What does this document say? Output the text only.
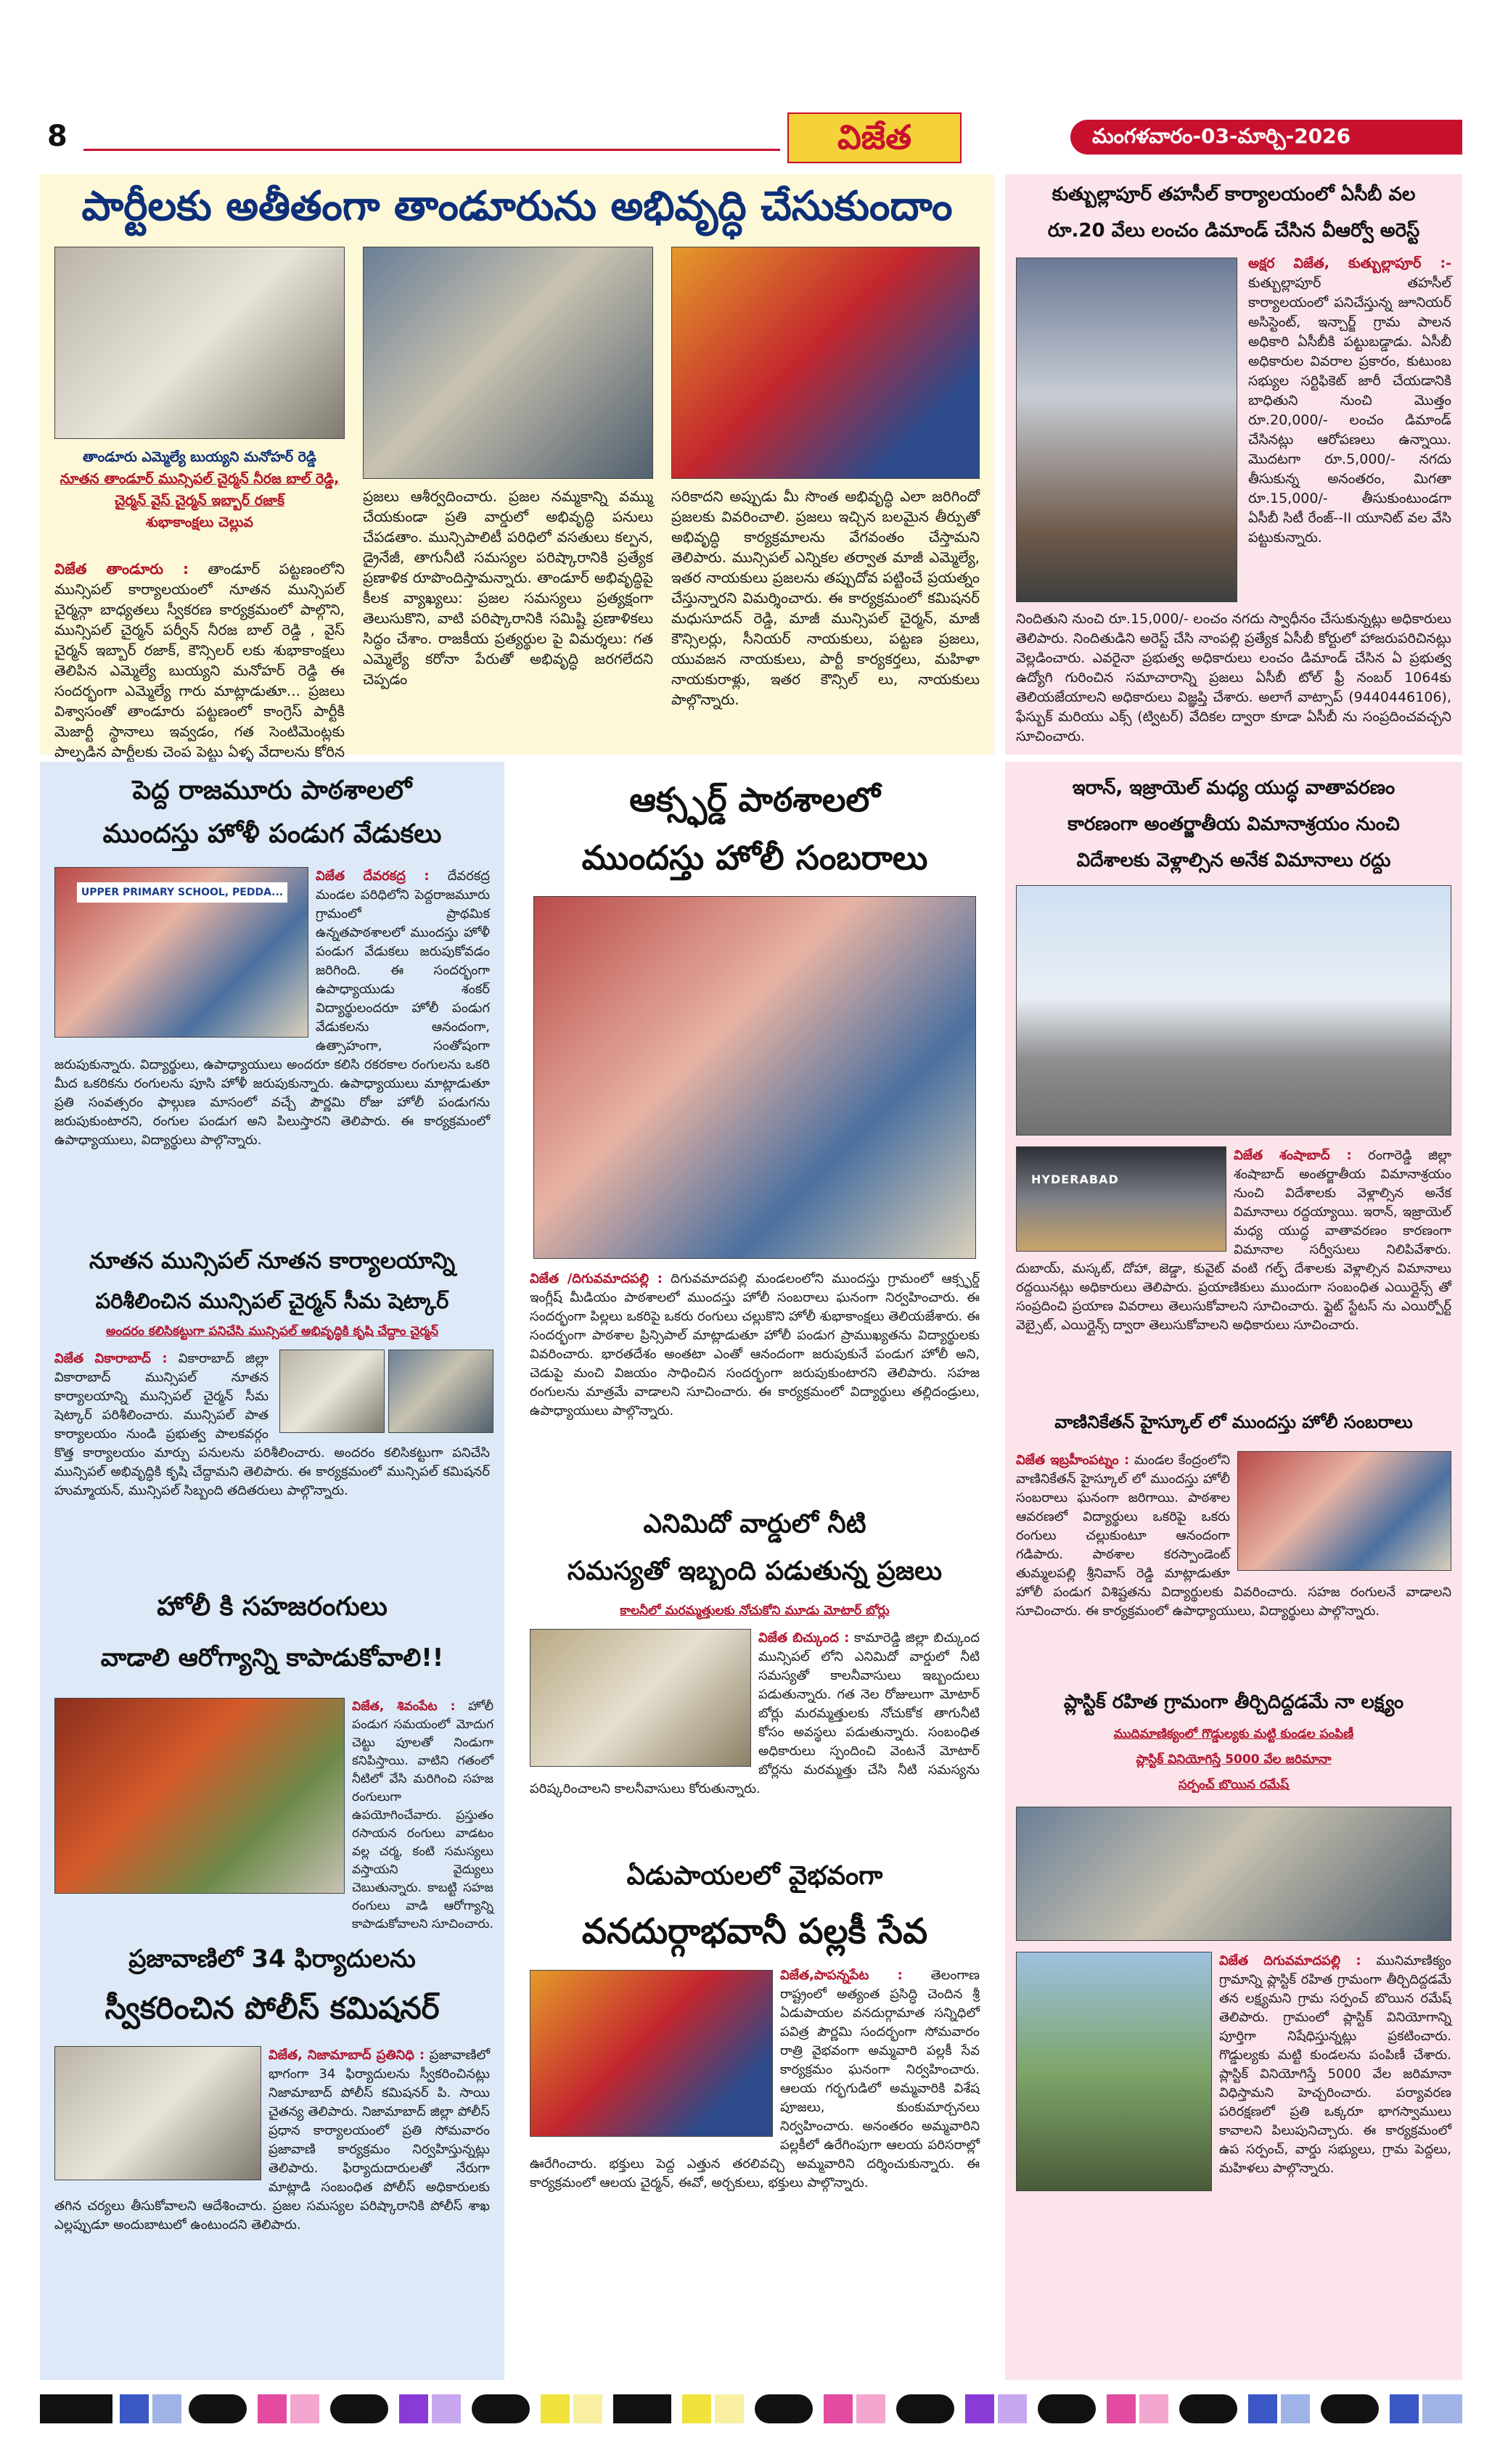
8	విజేత	మంగళవారం-03-మార్చి-2026
పార్టీలకు అతీతంగా తాండూరును అభివృద్ధి చేసుకుందాం
తాండూరు ఎమ్మెల్యే బుయ్యని మనోహర్ రెడ్డి
నూతన తాండూర్ మున్సిపల్ చైర్మన్ నీరజ బాల్ రెడ్డి,
చైర్మన్ వైస్ చైర్మన్ ఇబ్బార్ రజాక్
శుభాకాంక్షలు చెల్లువ
విజేత తాండూరు : తాండూర్ పట్టణంలోని మున్సిపల్ కార్యాలయంలో నూతన మున్సిపల్ చైర్మన్గా బాధ్యతలు స్వీకరణ కార్యక్రమంలో పాల్గొని, మున్సిపల్ చైర్మన్ పర్వీన్ నీరజ బాల్ రెడ్డి , వైస్ చైర్మన్ ఇబ్బార్ రజాక్, కౌన్సిలర్ లకు శుభాకాంక్షలు తెలిపిన ఎమ్మెల్యే బుయ్యని మనోహర్ రెడ్డి ఈ సందర్భంగా ఎమ్మెల్యే గారు మాట్లాడుతూ... ప్రజలు విశ్వాసంతో తాండూరు పట్టణంలో కాంగ్రెస్ పార్టీకి మెజార్టీ స్థానాలు ఇవ్వడం, గత సెంటిమెంట్లకు పాల్పడిన పార్టీలకు చెంప పెట్టు ఏళ్ళ వేదాలను కోరిన
ప్రజలు ఆశీర్వదించారు. ప్రజల నమ్మకాన్ని వమ్ము చేయకుండా ప్రతి వార్డులో అభివృద్ధి పనులు చేపడతాం. మున్సిపాలిటీ పరిధిలో వసతులు కల్పన, డ్రైనేజీ, తాగునీటి సమస్యల పరిష్కారానికి ప్రత్యేక ప్రణాళిక రూపొందిస్తామన్నారు. తాండూర్ అభివృద్ధిపై కీలక వ్యాఖ్యలు: ప్రజల సమస్యలు ప్రత్యక్షంగా తెలుసుకొని, వాటి పరిష్కారానికి సమిష్టి ప్రణాళికలు సిద్ధం చేశాం. రాజకీయ ప్రత్యర్థుల పై విమర్శలు: గత ఎమ్మెల్యే కరోనా పేరుతో అభివృద్ధి జరగలేదని చెప్పడం
సరికాదని అప్పుడు మీ సొంత అభివృద్ధి ఎలా జరిగిందో ప్రజలకు వివరించాలి. ప్రజలు ఇచ్చిన బలమైన తీర్పుతో అభివృద్ధి కార్యక్రమాలను వేగవంతం చేస్తామని తెలిపారు. మున్సిపల్ ఎన్నికల తర్వాత మాజీ ఎమ్మెల్యే, ఇతర నాయకులు ప్రజలను తప్పుదోవ పట్టించే ప్రయత్నం చేస్తున్నారని విమర్శించారు. ఈ కార్యక్రమంలో కమిషనర్ మధుసూదన్ రెడ్డి, మాజీ మున్సిపల్ చైర్మన్, మాజీ కౌన్సిలర్లు, సీనియర్ నాయకులు, పట్టణ ప్రజలు, యువజన నాయకులు, పార్టీ కార్యకర్తలు, మహిళా నాయకురాళ్లు, ఇతర కౌన్సిల్ లు, నాయకులు పాల్గొన్నారు.
కుత్బుల్లాపూర్ తహసీల్ కార్యాలయంలో ఏసీబీ వల
రూ.20 వేలు లంచం డిమాండ్ చేసిన వీఆర్వో అరెస్ట్
అక్షర విజేత, కుత్బుల్లాపూర్ :- కుత్బుల్లాపూర్ తహసీల్ కార్యాలయంలో పనిచేస్తున్న జూనియర్ అసిస్టెంట్, ఇన్చార్జ్ గ్రామ పాలన అధికారి ఏసీబీకి పట్టుబడ్డాడు. ఏసీబీ అధికారుల వివరాల ప్రకారం, కుటుంబ సభ్యుల సర్టిఫికెట్ జారీ చేయడానికి బాధితుని నుంచి మొత్తం రూ.20,000/- లంచం డిమాండ్ చేసినట్లు ఆరోపణలు ఉన్నాయి. మొదటగా రూ.5,000/- నగదు తీసుకున్న అనంతరం, మిగతా రూ.15,000/- తీసుకుంటుండగా ఏసీబీ సిటీ రేంజ్--II యూనిట్ వల వేసి పట్టుకున్నారు.
నిందితుని నుంచి రూ.15,000/- లంచం నగదు స్వాధీనం చేసుకున్నట్లు అధికారులు తెలిపారు. నిందితుడిని అరెస్ట్ చేసి నాంపల్లి ప్రత్యేక ఏసీబీ కోర్టులో హాజరుపరిచినట్లు వెల్లడించారు. ఎవరైనా ప్రభుత్వ అధికారులు లంచం డిమాండ్ చేసిన ఏ ప్రభుత్వ ఉద్యోగి గురించిన సమాచారాన్ని ప్రజలు ఏసీబీ టోల్ ఫ్రీ నంబర్ 1064కు తెలియజేయాలని అధికారులు విజ్ఞప్తి చేశారు. అలాగే వాట్సాప్ (9440446106), ఫేస్బుక్ మరియు ఎక్స్ (ట్విటర్) వేదికల ద్వారా కూడా ఏసీబీ ను సంప్రదించవచ్చని సూచించారు.
పెద్ద రాజమూరు పాఠశాలలో
ముందస్తు హోళీ పండుగ వేడుకలు
UPPER PRIMARY SCHOOL, PEDDA...
విజేత దేవరకద్ర : దేవరకద్ర మండల పరిధిలోని పెద్దరాజమూరు గ్రామంలో ప్రాథమిక ఉన్నతపాఠశాలలో ముందస్తు హోళీ పండుగ వేడుకలు జరుపుకోవడం జరిగింది. ఈ సందర్భంగా ఉపాధ్యాయుడు శంకర్ విద్యార్థులందరూ హోలీ పండుగ వేడుకలను ఆనందంగా, ఉత్సాహంగా, సంతోషంగా జరుపుకున్నారు. విద్యార్థులు, ఉపాధ్యాయులు అందరూ కలిసి రకరకాల రంగులను ఒకరి మీద ఒకరికను రంగులను పూసి హోళీ జరుపుకున్నారు. ఉపాధ్యాయులు మాట్లాడుతూ ప్రతి సంవత్సరం ఫాల్గుణ మాసంలో వచ్చే పౌర్ణమి రోజు హోలీ పండుగను జరుపుకుంటారని, రంగుల పండుగ అని పిలుస్తారని తెలిపారు. ఈ కార్యక్రమంలో ఉపాధ్యాయులు, విద్యార్థులు పాల్గొన్నారు.
నూతన మున్సిపల్ నూతన కార్యాలయాన్ని
పరిశీలించిన మున్సిపల్ చైర్మన్ సీమ షెట్కార్
అందరం కలిసికట్టుగా పనిచేసి మున్సిపల్ అభివృద్ధికి కృషి చేద్దాం చైర్మన్
విజేత వికారాబాద్ : వికారాబాద్ జిల్లా వికారాబాద్ మున్సిపల్ నూతన కార్యాలయాన్ని మున్సిపల్ చైర్మన్ సీమ షెట్కార్ పరిశీలించారు. మున్సిపల్ పాత కార్యాలయం నుండి ప్రభుత్వ పాలకవర్గం కొత్త కార్యాలయం మార్పు పనులను పరిశీలించారు. అందరం కలిసికట్టుగా పనిచేసి మున్సిపల్ అభివృద్ధికి కృషి చేద్దామని తెలిపారు. ఈ కార్యక్రమంలో మున్సిపల్ కమిషనర్ హుమ్మాయన్, మున్సిపల్ సిబ్బంది తదితరులు పాల్గొన్నారు.
హోలీ కి సహజరంగులు
వాడాలి ఆరోగ్యాన్ని కాపాడుకోవాలి!!
విజేత, శివంపేట : హోలీ పండుగ సమయంలో మోదుగ చెట్టు పూలతో నిండుగా కనిపిస్తాయి. వాటిని గతంలో నీటిలో వేసి మరిగించి సహజ రంగులుగా ఉపయోగించేవారు. ప్రస్తుతం రసాయన రంగులు వాడటం వల్ల చర్మ, కంటి సమస్యలు వస్తాయని వైద్యులు చెబుతున్నారు. కాబట్టి సహజ రంగులు వాడి ఆరోగ్యాన్ని కాపాడుకోవాలని సూచించారు.
ప్రజావాణిలో 34 ఫిర్యాదులను
స్వీకరించిన పోలీస్ కమిషనర్
విజేత, నిజామాబాద్ ప్రతినిధి : ప్రజావాణిలో భాగంగా 34 ఫిర్యాదులను స్వీకరించినట్లు నిజామాబాద్ పోలీస్ కమిషనర్ పి. సాయి చైతన్య తెలిపారు. నిజామాబాద్ జిల్లా పోలీస్ ప్రధాన కార్యాలయంలో ప్రతి సోమవారం ప్రజావాణి కార్యక్రమం నిర్వహిస్తున్నట్లు తెలిపారు. ఫిర్యాదుదారులతో నేరుగా మాట్లాడి సంబంధిత పోలీస్ అధికారులకు తగిన చర్యలు తీసుకోవాలని ఆదేశించారు. ప్రజల సమస్యల పరిష్కారానికి పోలీస్ శాఖ ఎల్లప్పుడూ అందుబాటులో ఉంటుందని తెలిపారు.
ఆక్స్ఫర్డ్ పాఠశాలలో
ముందస్తు హోలీ సంబరాలు
విజేత /దిగువమాదపల్లి : దిగువమాదపల్లి మండలంలోని ముందస్తు గ్రామంలో ఆక్స్ఫర్డ్ ఇంగ్లీష్ మీడియం పాఠశాలలో ముందస్తు హోలీ సంబరాలు ఘనంగా నిర్వహించారు. ఈ సందర్భంగా పిల్లలు ఒకరిపై ఒకరు రంగులు చల్లుకొని హోలీ శుభాకాంక్షలు తెలియజేశారు. ఈ సందర్భంగా పాఠశాల ప్రిన్సిపాల్ మాట్లాడుతూ హోలీ పండుగ ప్రాముఖ్యతను విద్యార్థులకు వివరించారు. భారతదేశం అంతటా ఎంతో ఆనందంగా జరుపుకునే పండుగ హోలీ అని, చెడుపై మంచి విజయం సాధించిన సందర్భంగా జరుపుకుంటారని తెలిపారు. సహజ రంగులను మాత్రమే వాడాలని సూచించారు. ఈ కార్యక్రమంలో విద్యార్థులు తల్లిదండ్రులు, ఉపాధ్యాయులు పాల్గొన్నారు.
ఎనిమిదో వార్డులో నీటి
సమస్యతో ఇబ్బంది పడుతున్న ప్రజలు
కాలనీలో మరమ్మత్తులకు నోచుకోని మూడు మోటార్ బోర్లు
విజేత బిచ్కుంద : కామారెడ్డి జిల్లా బిచ్కుంద మున్సిపల్ లోని ఎనిమిదో వార్డులో నీటి సమస్యతో కాలనీవాసులు ఇబ్బందులు పడుతున్నారు. గత నెల రోజులుగా మోటార్ బోర్లు మరమ్మత్తులకు నోచుకోక తాగునీటి కోసం అవస్థలు పడుతున్నారు. సంబంధిత అధికారులు స్పందించి వెంటనే మోటార్ బోర్లను మరమ్మత్తు చేసి నీటి సమస్యను పరిష్కరించాలని కాలనీవాసులు కోరుతున్నారు.
ఏడుపాయలలో వైభవంగా
వనదుర్గాభవానీ పల్లకీ సేవ
విజేత,పాపన్నపేట : తెలంగాణ రాష్ట్రంలో అత్యంత ప్రసిద్ధి చెందిన శ్రీ ఏడుపాయల వనదుర్గామాత సన్నిధిలో పవిత్ర పౌర్ణమి సందర్భంగా సోమవారం రాత్రి వైభవంగా అమ్మవారి పల్లకీ సేవ కార్యక్రమం ఘనంగా నిర్వహించారు. ఆలయ గర్భగుడిలో అమ్మవారికి విశేష పూజలు, కుంకుమార్చనలు నిర్వహించారు. అనంతరం అమ్మవారిని పల్లకీలో ఉరేగింపుగా ఆలయ పరిసరాల్లో ఊరేగించారు. భక్తులు పెద్ద ఎత్తున తరలివచ్చి అమ్మవారిని దర్శించుకున్నారు. ఈ కార్యక్రమంలో ఆలయ చైర్మన్, ఈవో, అర్చకులు, భక్తులు పాల్గొన్నారు.
ఇరాన్, ఇజ్రాయెల్ మధ్య యుద్ధ వాతావరణం
కారణంగా అంతర్జాతీయ విమానాశ్రయం నుంచి
విదేశాలకు వెళ్లాల్సిన అనేక విమానాలు రద్దు
HYDERABAD
విజేత శంషాబాద్ : రంగారెడ్డి జిల్లా శంషాబాద్ అంతర్జాతీయ విమానాశ్రయం నుంచి విదేశాలకు వెళ్లాల్సిన అనేక విమానాలు రద్దయ్యాయి. ఇరాన్, ఇజ్రాయెల్ మధ్య యుద్ధ వాతావరణం కారణంగా విమానాల సర్వీసులు నిలిపివేశారు. దుబాయ్, మస్కట్, దోహా, జెడ్డా, కువైట్ వంటి గల్ఫ్ దేశాలకు వెళ్లాల్సిన విమానాలు రద్దయినట్లు అధికారులు తెలిపారు. ప్రయాణికులు ముందుగా సంబంధిత ఎయిర్లైన్స్ తో సంప్రదించి ప్రయాణ వివరాలు తెలుసుకోవాలని సూచించారు. ఫ్లైట్ స్టేటస్ ను ఎయిర్పోర్ట్ వెబ్సైట్, ఎయిర్లైన్స్ ద్వారా తెలుసుకోవాలని అధికారులు సూచించారు.
వాణినికేతన్ హైస్కూల్ లో ముందస్తు హోలీ సంబరాలు
విజేత ఇబ్రహీంపట్నం : మండల కేంద్రంలోని వాణినికేతన్ హైస్కూల్ లో ముందస్తు హోలీ సంబరాలు ఘనంగా జరిగాయి. పాఠశాల ఆవరణలో విద్యార్థులు ఒకరిపై ఒకరు రంగులు చల్లుకుంటూ ఆనందంగా గడిపారు. పాఠశాల కరస్పాండెంట్ తుమ్మలపల్లి శ్రీనివాస్ రెడ్డి మాట్లాడుతూ హోలీ పండుగ విశిష్టతను విద్యార్థులకు వివరించారు. సహజ రంగులనే వాడాలని సూచించారు. ఈ కార్యక్రమంలో ఉపాధ్యాయులు, విద్యార్థులు పాల్గొన్నారు.
ప్లాస్టిక్ రహిత గ్రామంగా తీర్చిదిద్దడమే నా లక్ష్యం
ముదిమాణిక్యంలో గొడ్డుల్యకు మట్టి కుండల పంపిణీ
ప్లాస్టిక్ వినియోగిస్తే 5000 వేల జరిమానా
సర్పంచ్ బొయిన రమేష్
విజేత దిగువమాదపల్లి : మునిమాణిక్యం గ్రామాన్ని ప్లాస్టిక్ రహిత గ్రామంగా తీర్చిదిద్దడమే తన లక్ష్యమని గ్రామ సర్పంచ్ బొయిన రమేష్ తెలిపారు. గ్రామంలో ప్లాస్టిక్ వినియోగాన్ని పూర్తిగా నిషేధిస్తున్నట్లు ప్రకటించారు. గొడ్డుల్యకు మట్టి కుండలను పంపిణీ చేశారు. ప్లాస్టిక్ వినియోగిస్తే 5000 వేల జరిమానా విధిస్తామని హెచ్చరించారు. పర్యావరణ పరిరక్షణలో ప్రతి ఒక్కరూ భాగస్వాములు కావాలని పిలుపునిచ్చారు. ఈ కార్యక్రమంలో ఉప సర్పంచ్, వార్డు సభ్యులు, గ్రామ పెద్దలు, మహిళలు పాల్గొన్నారు.
